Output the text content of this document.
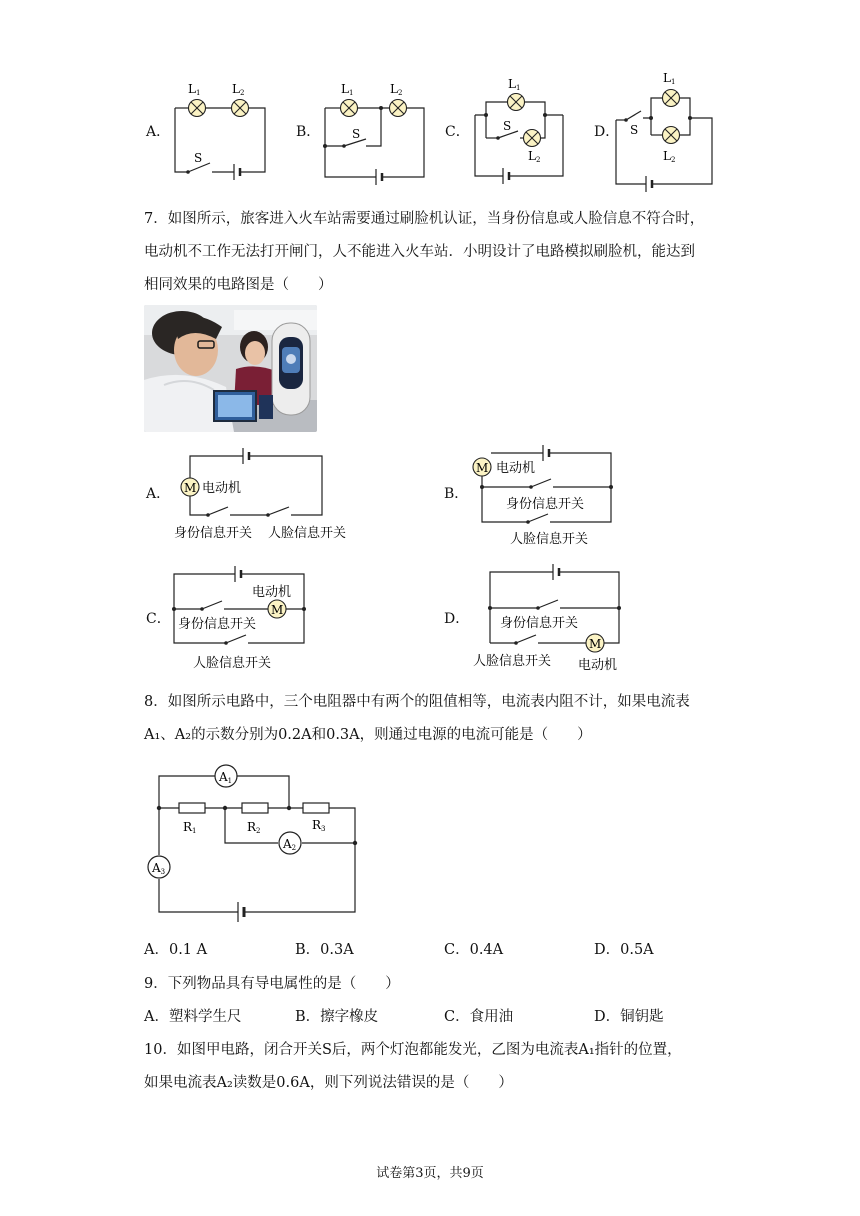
A．
L1	L2
S
B．
L1	L2
S	C．
L1
L2
S	D．
L1
L2
S
7．如图所示，旅客进入火车站需要通过刷脸机认证，当身份信息或人脸信息不符合时，
电动机不工作无法打开闸门，人不能进入火车站．小明设计了电路模拟刷脸机，能达到
相同效果的电路图是（　　）
A． M 电动机
身份信息开关 人脸信息开关
B．
M 电动机
身份信息开关
人脸信息开关
C．
M
电动机
身份信息开关
人脸信息开关
D．
M
身份信息开关
人脸信息开关 电动机
8．如图所示电路中，三个电阻器中有两个的阻值相等，电流表内阻不计，如果电流表
A₁、A₂的示数分别为0.2A和0.3A，则通过电源的电流可能是（　　）
A1
A2
A3
R1	R2	R3
A．0.1 A	B．0.3A	C．0.4A	D．0.5A
9．下列物品具有导电属性的是（　　）
A．塑料学生尺	B．擦字橡皮	C．食用油	D．铜钥匙
10．如图甲电路，闭合开关S后，两个灯泡都能发光，乙图为电流表A₁指针的位置，
如果电流表A₂读数是0.6A，则下列说法错误的是（　　）
试卷第3页，共9页
